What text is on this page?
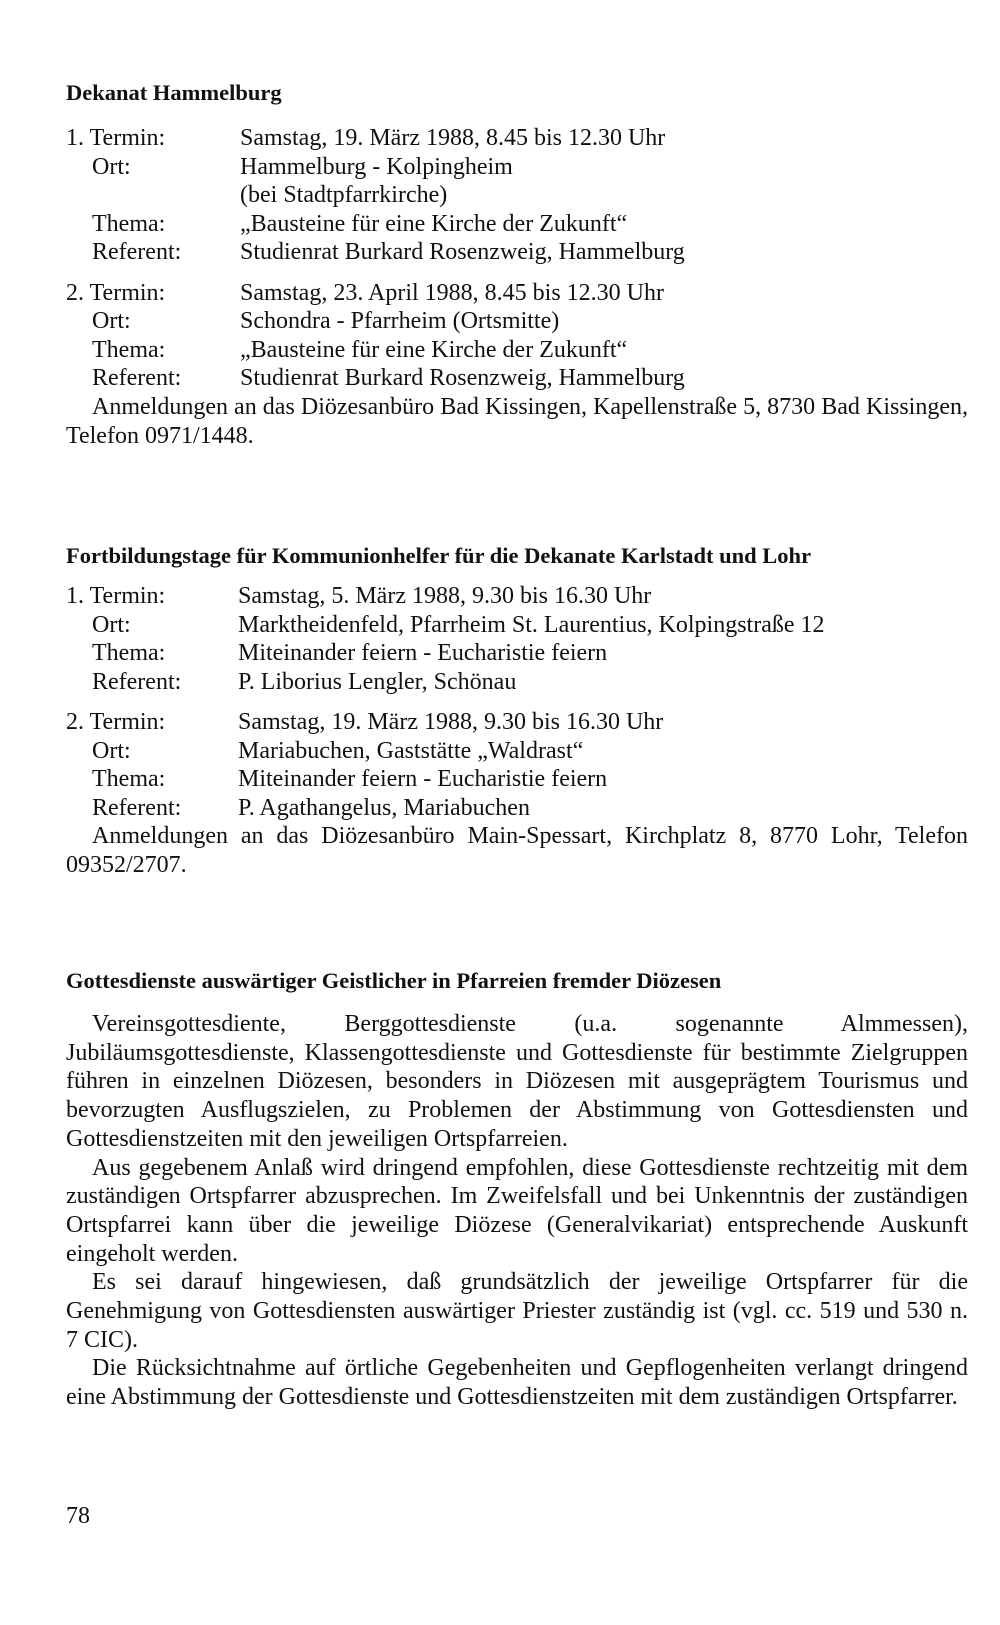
Dekanat Hammelburg

1. Termin:	Samstag, 19. März 1988, 8.45 bis 12.30 Uhr
Ort:	Hammelburg - Kolpingheim
(bei Stadtpfarrkirche)
Thema:	„Bausteine für eine Kirche der Zukunft“
Referent:	Studienrat Burkard Rosenzweig, Hammelburg
2. Termin:	Samstag, 23. April 1988, 8.45 bis 12.30 Uhr
Ort:	Schondra - Pfarrheim (Ortsmitte)
Thema:	„Bausteine für eine Kirche der Zukunft“
Referent:	Studienrat Burkard Rosenzweig, Hammelburg

Anmeldungen an das Diözesanbüro Bad Kissingen, Kapellenstraße 5, 8730 Bad Kissingen, Telefon 0971/1448.

Fortbildungstage für Kommunionhelfer für die Dekanate Karlstadt und Lohr

1. Termin:	Samstag, 5. März 1988, 9.30 bis 16.30 Uhr
Ort:	Marktheidenfeld, Pfarrheim St. Laurentius, Kolpingstraße 12
Thema:	Miteinander feiern - Eucharistie feiern
Referent:	P. Liborius Lengler, Schönau
2. Termin:	Samstag, 19. März 1988, 9.30 bis 16.30 Uhr
Ort:	Mariabuchen, Gaststätte „Waldrast“
Thema:	Miteinander feiern - Eucharistie feiern
Referent:	P. Agathangelus, Mariabuchen

Anmeldungen an das Diözesanbüro Main-Spessart, Kirchplatz 8, 8770 Lohr, Telefon 09352/2707.

Gottesdienste auswärtiger Geistlicher in Pfarreien fremder Diözesen

Vereinsgottesdiente, Berggottesdienste (u.a. sogenannte Almmessen), Jubiläumsgottesdienste, Klassengottesdienste und Gottesdienste für bestimmte Zielgruppen führen in einzelnen Diözesen, besonders in Diözesen mit ausgeprägtem Tourismus und bevorzugten Ausflugszielen, zu Problemen der Abstimmung von Gottesdiensten und Gottesdienstzeiten mit den jeweiligen Ortspfarreien.

Aus gegebenem Anlaß wird dringend empfohlen, diese Gottesdienste rechtzeitig mit dem zuständigen Ortspfarrer abzusprechen. Im Zweifelsfall und bei Unkenntnis der zuständigen Ortspfarrei kann über die jeweilige Diözese (Generalvikariat) entsprechende Auskunft eingeholt werden.

Es sei darauf hingewiesen, daß grundsätzlich der jeweilige Ortspfarrer für die Genehmigung von Gottesdiensten auswärtiger Priester zuständig ist (vgl. cc. 519 und 530 n. 7 CIC).

Die Rücksichtnahme auf örtliche Gegebenheiten und Gepflogenheiten verlangt dringend eine Abstimmung der Gottesdienste und Gottesdienstzeiten mit dem zuständigen Ortspfarrer.

78
